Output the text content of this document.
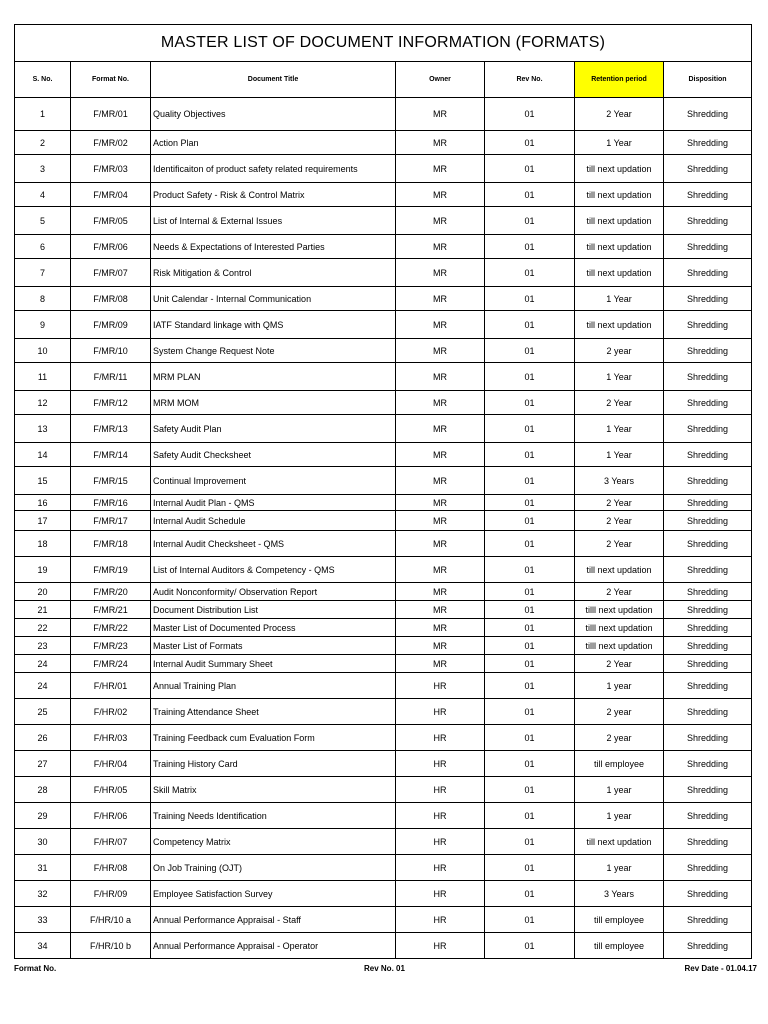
MASTER LIST OF DOCUMENT INFORMATION (FORMATS)						
S. No.	Format No.	Document Title	Owner	Rev No.	Retention period	Disposition
1	F/MR/01	Quality Objectives	MR	01	2 Year	Shredding
2	F/MR/02	Action Plan	MR	01	1 Year	Shredding
3	F/MR/03	Identificaiton of product safety related requirements	MR	01	till next updation	Shredding
4	F/MR/04	Product Safety - Risk & Control Matrix	MR	01	till next updation	Shredding
5	F/MR/05	List of Internal & External Issues	MR	01	till next updation	Shredding
6	F/MR/06	Needs & Expectations of Interested Parties	MR	01	till next updation	Shredding
7	F/MR/07	Risk Mitigation & Control	MR	01	till next updation	Shredding
8	F/MR/08	Unit Calendar - Internal Communication	MR	01	1 Year	Shredding
9	F/MR/09	IATF Standard linkage with QMS	MR	01	till next updation	Shredding
10	F/MR/10	System Change Request Note	MR	01	2 year	Shredding
11	F/MR/11	MRM PLAN	MR	01	1 Year	Shredding
12	F/MR/12	MRM MOM	MR	01	2 Year	Shredding
13	F/MR/13	Safety Audit Plan	MR	01	1 Year	Shredding
14	F/MR/14	Safety Audit Checksheet	MR	01	1 Year	Shredding
15	F/MR/15	Continual Improvement	MR	01	3 Years	Shredding
16	F/MR/16	Internal Audit Plan - QMS	MR	01	2 Year	Shredding
17	F/MR/17	Internal Audit Schedule	MR	01	2 Year	Shredding
18	F/MR/18	Internal Audit Checksheet - QMS	MR	01	2 Year	Shredding
19	F/MR/19	List of Internal Auditors & Competency - QMS	MR	01	till next updation	Shredding
20	F/MR/20	Audit Nonconformity/ Observation Report	MR	01	2 Year	Shredding
21	F/MR/21	Document Distribution List	MR	01	tilll next updation	Shredding
22	F/MR/22	Master List of Documented Process	MR	01	tilll next updation	Shredding
23	F/MR/23	Master List of Formats	MR	01	tilll next updation	Shredding
24	F/MR/24	Internal Audit Summary Sheet	MR	01	2 Year	Shredding
24	F/HR/01	Annual Training Plan	HR	01	1 year	Shredding
25	F/HR/02	Training Attendance Sheet	HR	01	2 year	Shredding
26	F/HR/03	Training Feedback cum Evaluation Form	HR	01	2 year	Shredding
27	F/HR/04	Training History Card	HR	01	till employee	Shredding
28	F/HR/05	Skill Matrix	HR	01	1 year	Shredding
29	F/HR/06	Training Needs Identification	HR	01	1 year	Shredding
30	F/HR/07	Competency Matrix	HR	01	till next updation	Shredding
31	F/HR/08	On Job Training (OJT)	HR	01	1 year	Shredding
32	F/HR/09	Employee Satisfaction Survey	HR	01	3 Years	Shredding
33	F/HR/10 a	Annual Performance Appraisal - Staff	HR	01	till employee	Shredding
34	F/HR/10 b	Annual Performance Appraisal - Operator	HR	01	till employee	Shredding
Format No.	Rev No. 01	Rev Date - 01.04.17
